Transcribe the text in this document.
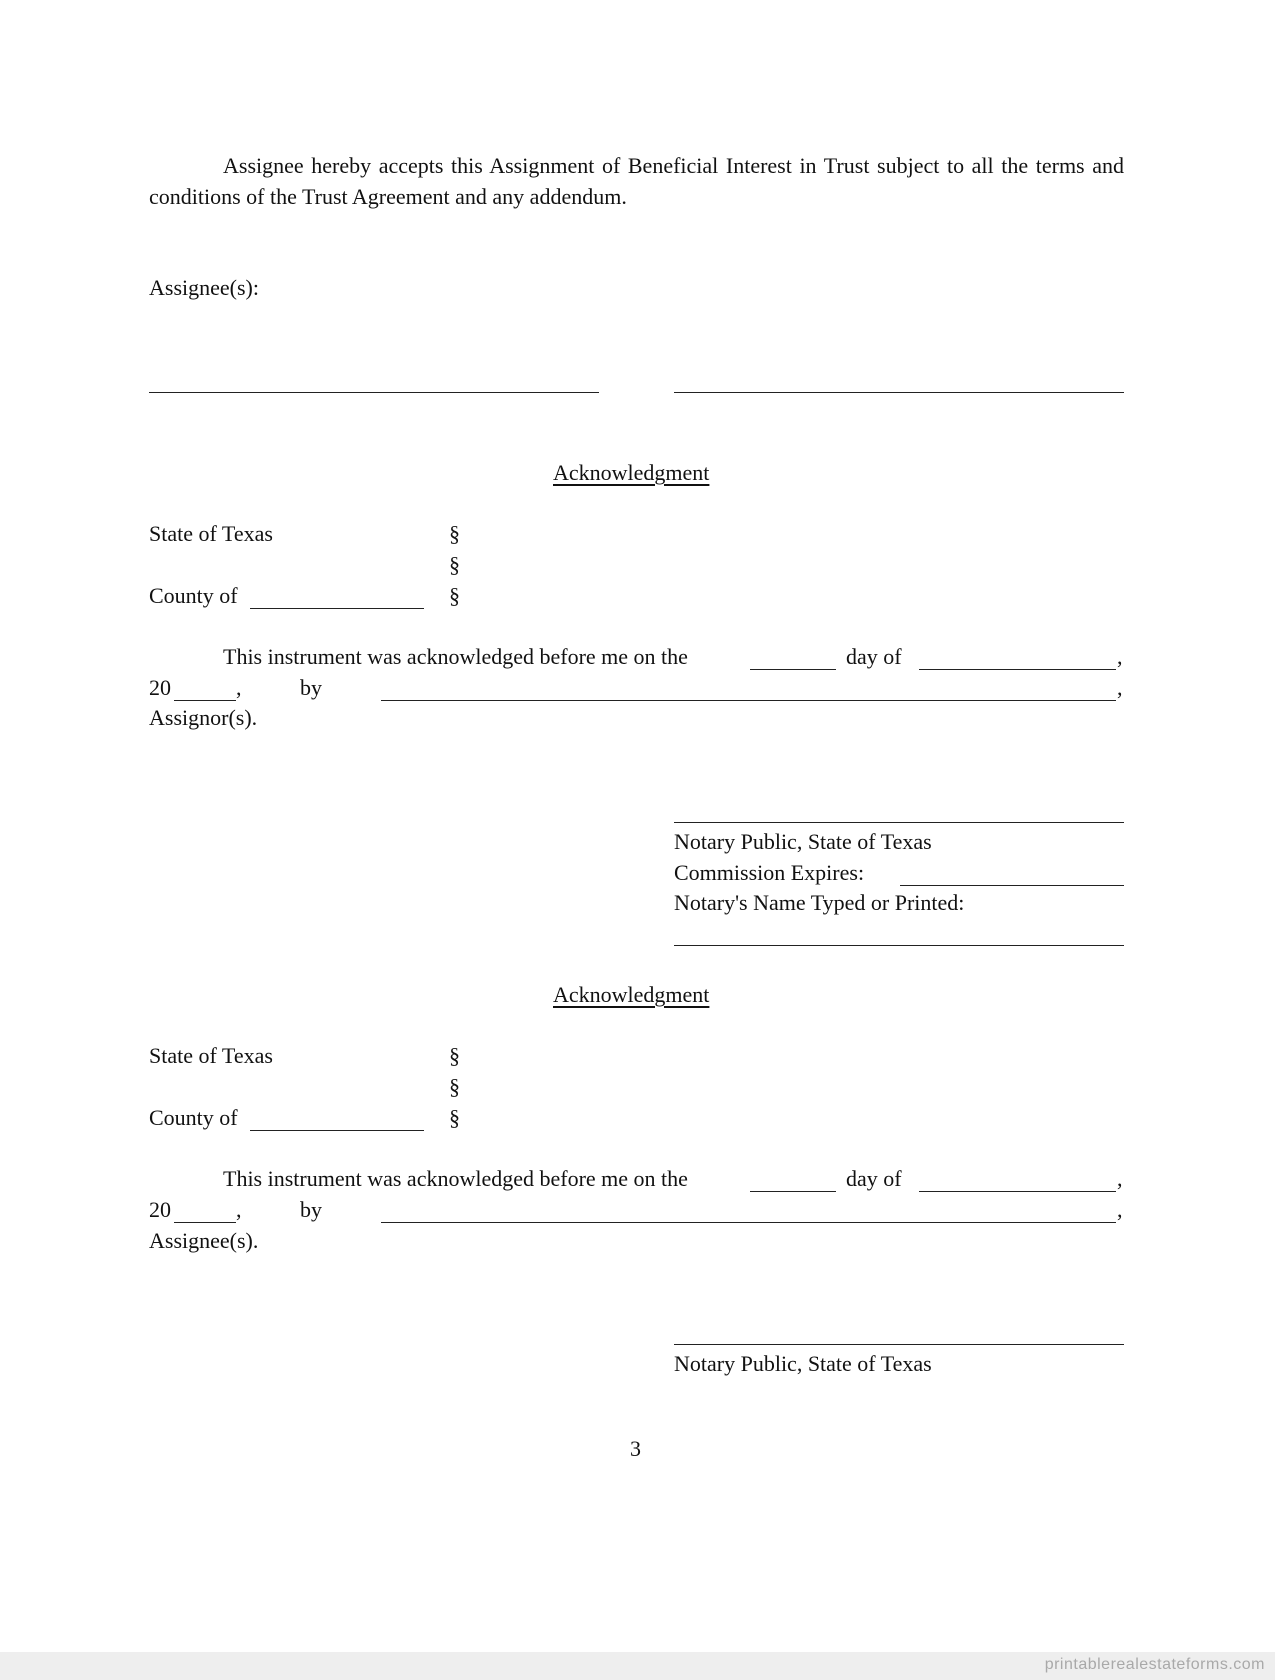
Assignee hereby accepts this Assignment of Beneficial Interest in Trust subject to all the terms and conditions of the Trust Agreement and any addendum.
Assignee(s):
Acknowledgment
State of Texas	§
§
County of	§
This instrument was acknowledged before me on the	day of	,
20	,	by	,
Assignor(s).
Notary Public, State of Texas
Commission Expires:
Notary's Name Typed or Printed:
Acknowledgment
State of Texas	§
§
County of	§
This instrument was acknowledged before me on the	day of	,
20	,	by	,
Assignee(s).
Notary Public, State of Texas
3
printablerealestateforms.com
